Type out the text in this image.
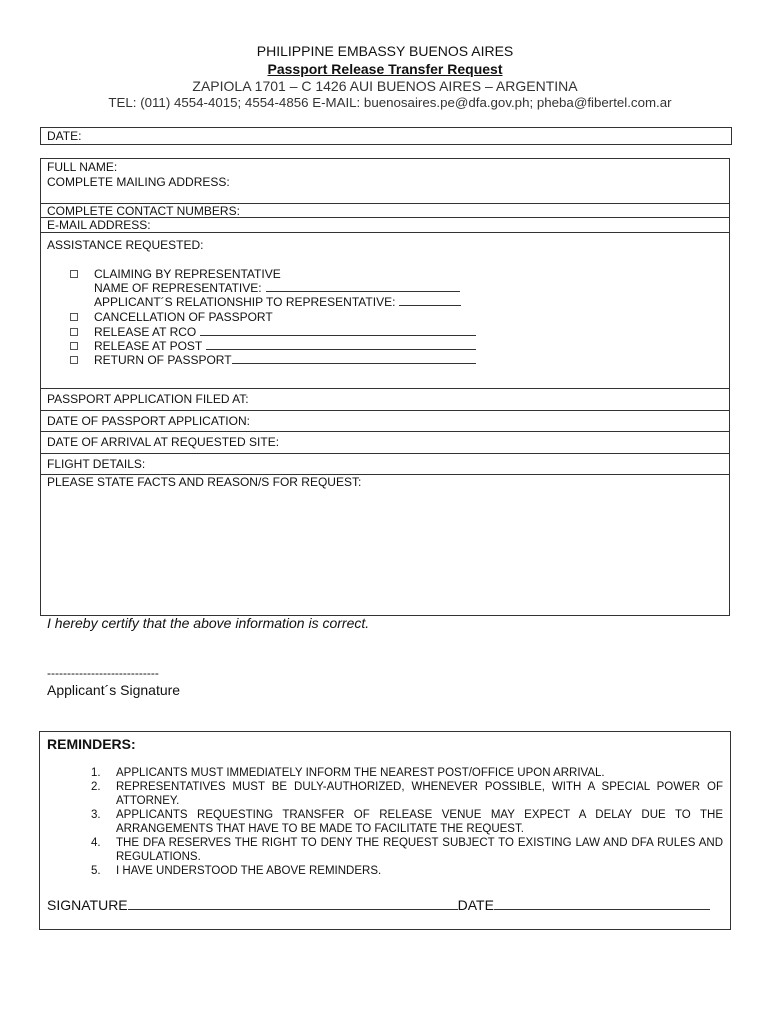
PHILIPPINE EMBASSY BUENOS AIRES
Passport Release Transfer Request
ZAPIOLA 1701 – C 1426 AUI BUENOS AIRES – ARGENTINA
TEL: (011) 4554-4015; 4554-4856 E-MAIL: buenosaires.pe@dfa.gov.ph; pheba@fibertel.com.ar
DATE:
FULL NAME:
COMPLETE MAILING ADDRESS:
COMPLETE CONTACT NUMBERS:
E-MAIL ADDRESS:
ASSISTANCE REQUESTED:
CLAIMING BY REPRESENTATIVE
NAME OF REPRESENTATIVE:
APPLICANT´S RELATIONSHIP TO REPRESENTATIVE:
CANCELLATION OF PASSPORT
RELEASE AT RCO
RELEASE AT POST
RETURN OF PASSPORT
PASSPORT APPLICATION FILED AT:
DATE OF PASSPORT APPLICATION:
DATE OF ARRIVAL AT REQUESTED SITE:
FLIGHT DETAILS:
PLEASE STATE FACTS AND REASON/S FOR REQUEST:
I hereby certify that the above information is correct.
----------------------------
Applicant´s Signature
REMINDERS:
1. APPLICANTS MUST IMMEDIATELY INFORM THE NEAREST POST/OFFICE UPON ARRIVAL.
2. REPRESENTATIVES MUST BE DULY-AUTHORIZED, WHENEVER POSSIBLE, WITH A SPECIAL POWER OF ATTORNEY.
3. APPLICANTS REQUESTING TRANSFER OF RELEASE VENUE MAY EXPECT A DELAY DUE TO THE ARRANGEMENTS THAT HAVE TO BE MADE TO FACILITATE THE REQUEST.
4. THE DFA RESERVES THE RIGHT TO DENY THE REQUEST SUBJECT TO EXISTING LAW AND DFA RULES AND REGULATIONS.
5. I HAVE UNDERSTOOD THE ABOVE REMINDERS.
SIGNATURE	DATE
